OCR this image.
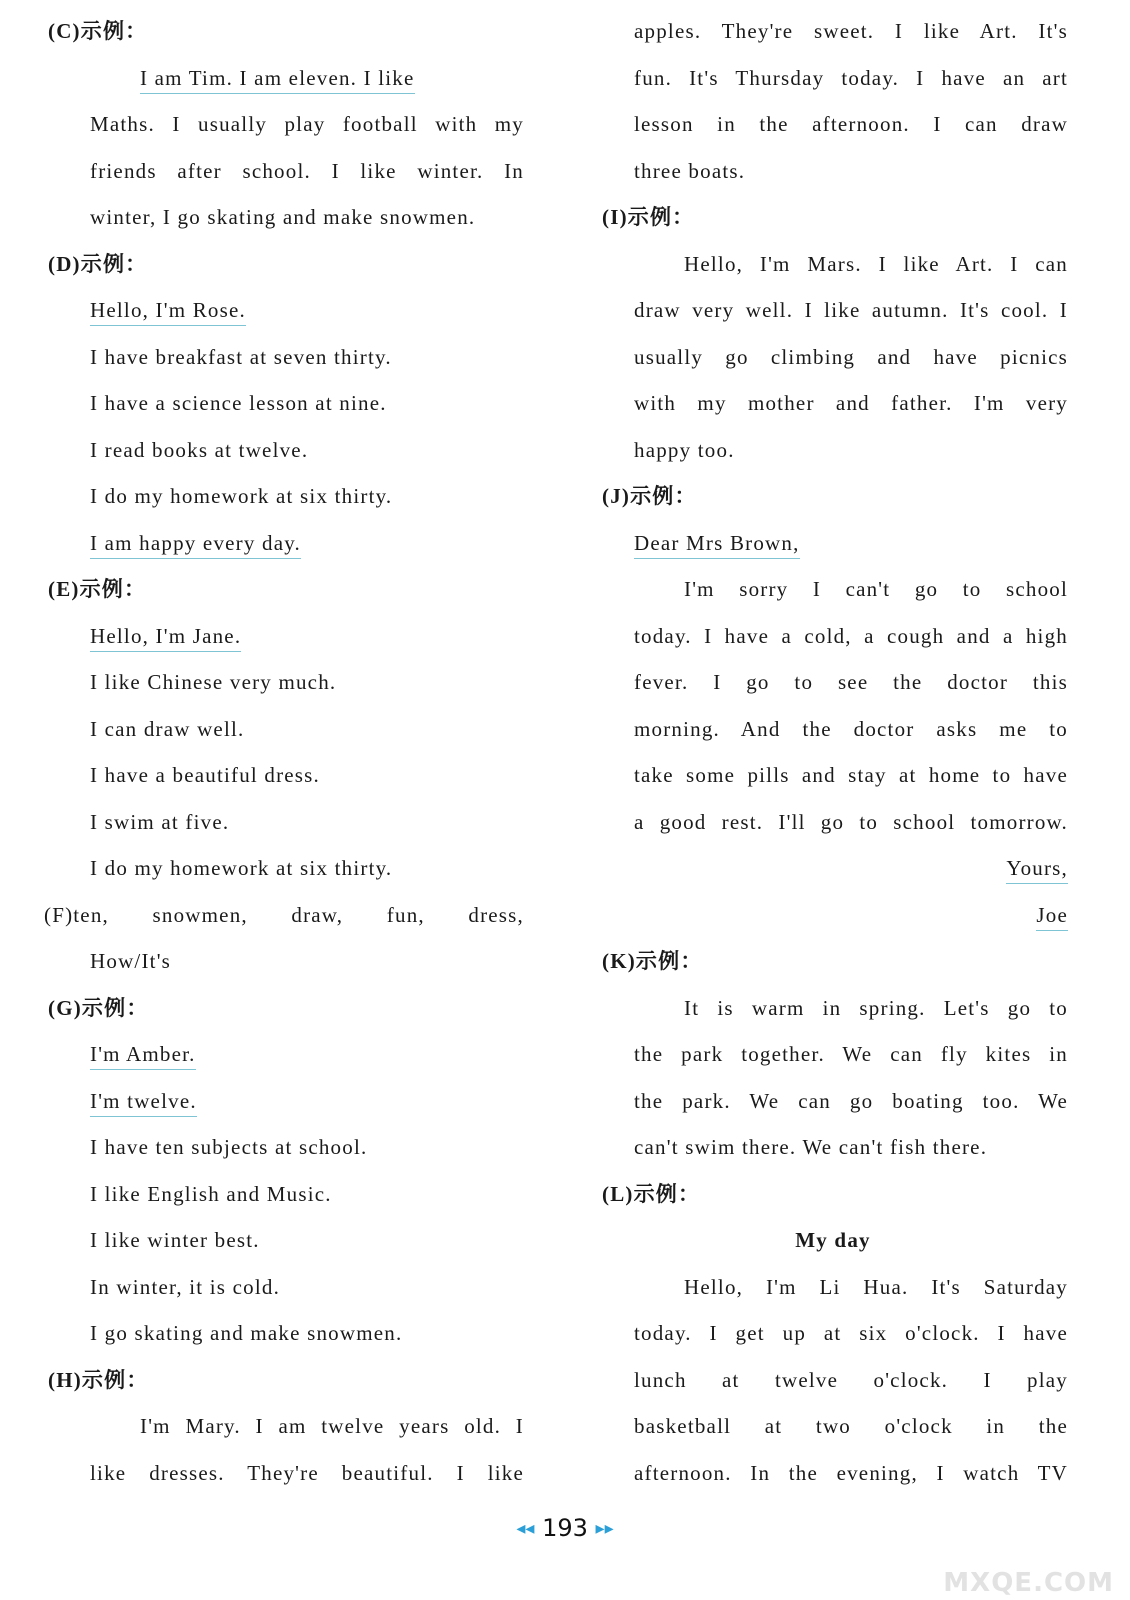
(C)示例：
I am Tim. I am eleven. I like
Maths. I usually play football with my
friends after school. I like winter. In
winter, I go skating and make snowmen.
(D)示例：
Hello, I'm Rose.
I have breakfast at seven thirty.
I have a science lesson at nine.
I read books at twelve.
I do my homework at six thirty.
I am happy every day.
(E)示例：
Hello, I'm Jane.
I like Chinese very much.
I can draw well.
I have a beautiful dress.
I swim at five.
I do my homework at six thirty.
(F)ten, snowmen, draw, fun, dress,
How/It's
(G)示例：
I'm Amber.
I'm twelve.
I have ten subjects at school.
I like English and Music.
I like winter best.
In winter, it is cold.
I go skating and make snowmen.
(H)示例：
I'm Mary. I am twelve years old. I
like dresses. They're beautiful. I like
apples. They're sweet. I like Art. It's
fun. It's Thursday today. I have an art
lesson in the afternoon. I can draw
three boats.
(I)示例：
Hello, I'm Mars. I like Art. I can
draw very well. I like autumn. It's cool. I
usually go climbing and have picnics
with my mother and father. I'm very
happy too.
(J)示例：
Dear Mrs Brown,
I'm sorry I can't go to school
today. I have a cold, a cough and a high
fever. I go to see the doctor this
morning. And the doctor asks me to
take some pills and stay at home to have
a good rest. I'll go to school tomorrow.
Yours,
Joe
(K)示例：
It is warm in spring. Let's go to
the park together. We can fly kites in
the park. We can go boating too. We
can't swim there. We can't fish there.
(L)示例：
My day
Hello, I'm Li Hua. It's Saturday
today. I get up at six o'clock. I have
lunch at twelve o'clock. I play
basketball at two o'clock in the
afternoon. In the evening, I watch TV
◂◂ 193 ▸▸
MXQE.COM
